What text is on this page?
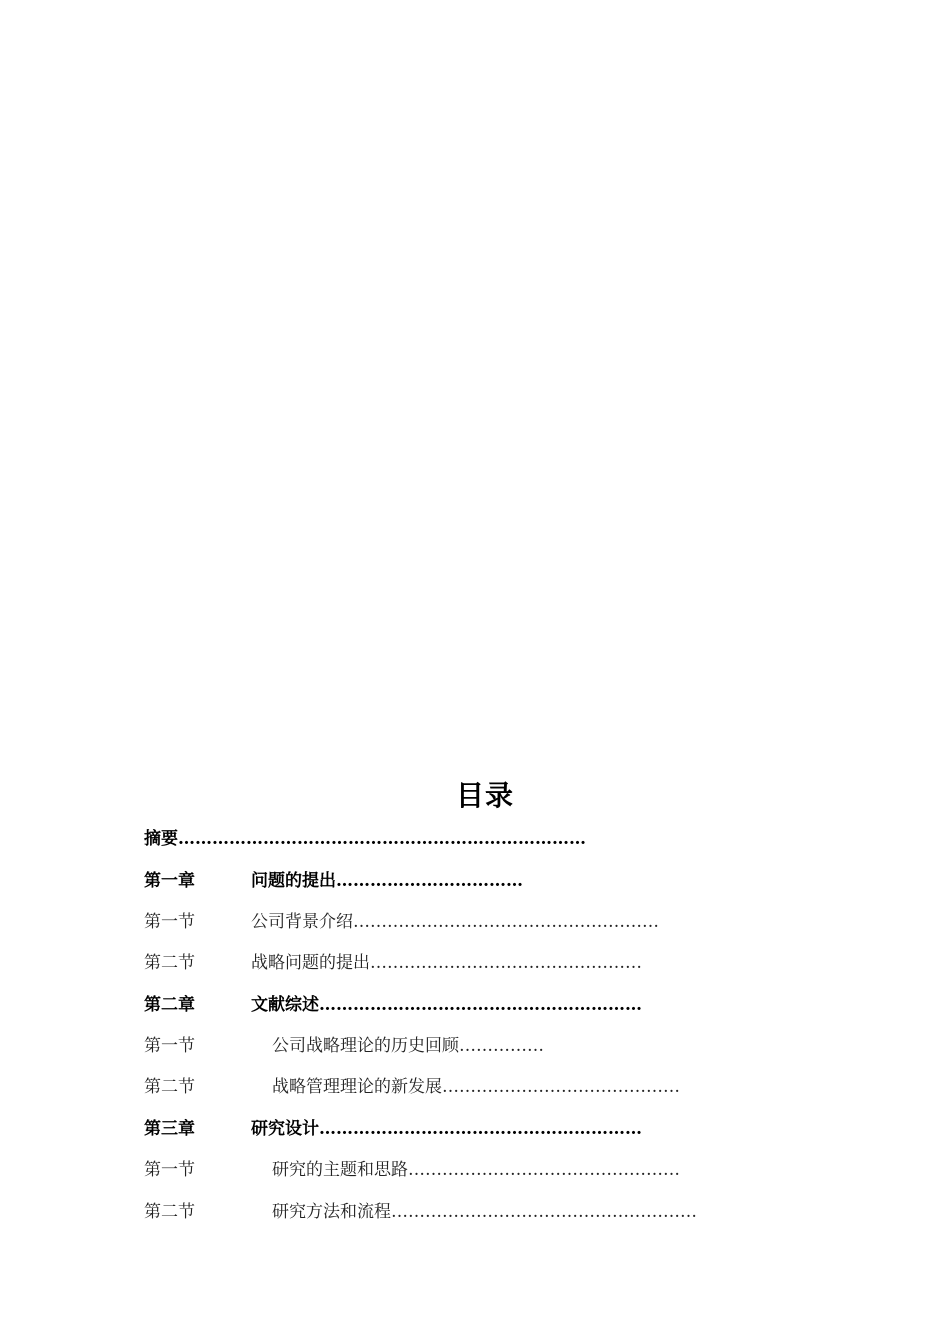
目录
摘要………………………………………………………………
第一章	问题的提出……………………………
第一节	公司背景介绍………………………………………………
第二节	战略问题的提出…………………………………………
第二章	文献综述…………………………………………………
第一节	公司战略理论的历史回顾……………
第二节	战略管理理论的新发展……………………………………
第三章	研究设计…………………………………………………
第一节	研究的主题和思路…………………………………………
第二节	研究方法和流程………………………………………………
